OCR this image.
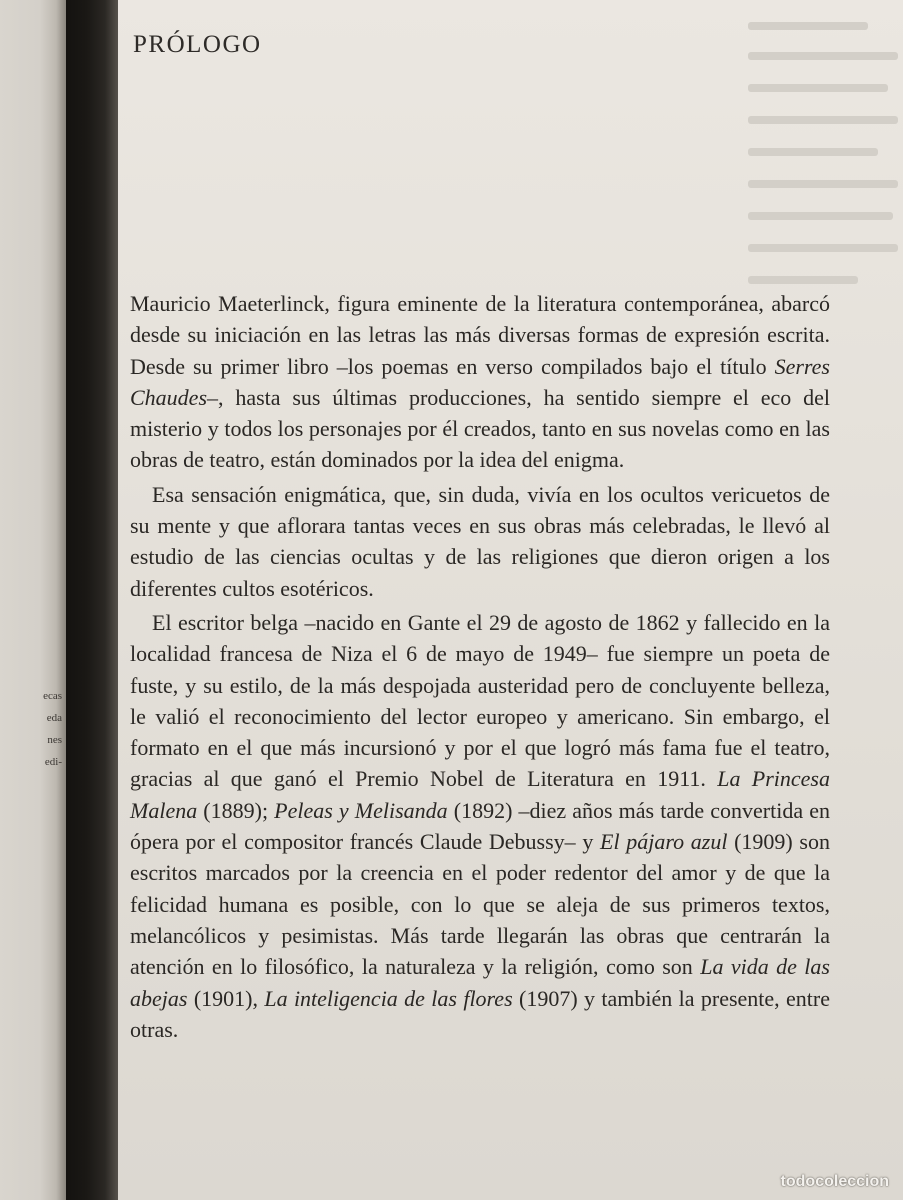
ecas
eda
nes
edi-
PRÓLOGO

Mauricio Maeterlinck, figura eminente de la literatura contemporánea, abarcó desde su iniciación en las letras las más diversas formas de expresión escrita. Desde su primer libro –los poemas en verso compilados bajo el título Serres Chaudes–, hasta sus últimas producciones, ha sentido siempre el eco del misterio y todos los personajes por él creados, tanto en sus novelas como en las obras de teatro, están dominados por la idea del enigma.

Esa sensación enigmática, que, sin duda, vivía en los ocultos vericuetos de su mente y que aflorara tantas veces en sus obras más celebradas, le llevó al estudio de las ciencias ocultas y de las religiones que dieron origen a los diferentes cultos esotéricos.

El escritor belga –nacido en Gante el 29 de agosto de 1862 y fallecido en la localidad francesa de Niza el 6 de mayo de 1949– fue siempre un poeta de fuste, y su estilo, de la más despojada austeridad pero de concluyente belleza, le valió el reconocimiento del lector europeo y americano. Sin embargo, el formato en el que más incursionó y por el que logró más fama fue el teatro, gracias al que ganó el Premio Nobel de Literatura en 1911. La Princesa Malena (1889); Peleas y Melisanda (1892) –diez años más tarde convertida en ópera por el compositor francés Claude Debussy– y El pájaro azul (1909) son escritos marcados por la creencia en el poder redentor del amor y de que la felicidad humana es posible, con lo que se aleja de sus primeros textos, melancólicos y pesimistas. Más tarde llegarán las obras que centrarán la atención en lo filosófico, la naturaleza y la religión, como son La vida de las abejas (1901), La inteligencia de las flores (1907) y también la presente, entre otras.

todocoleccion
